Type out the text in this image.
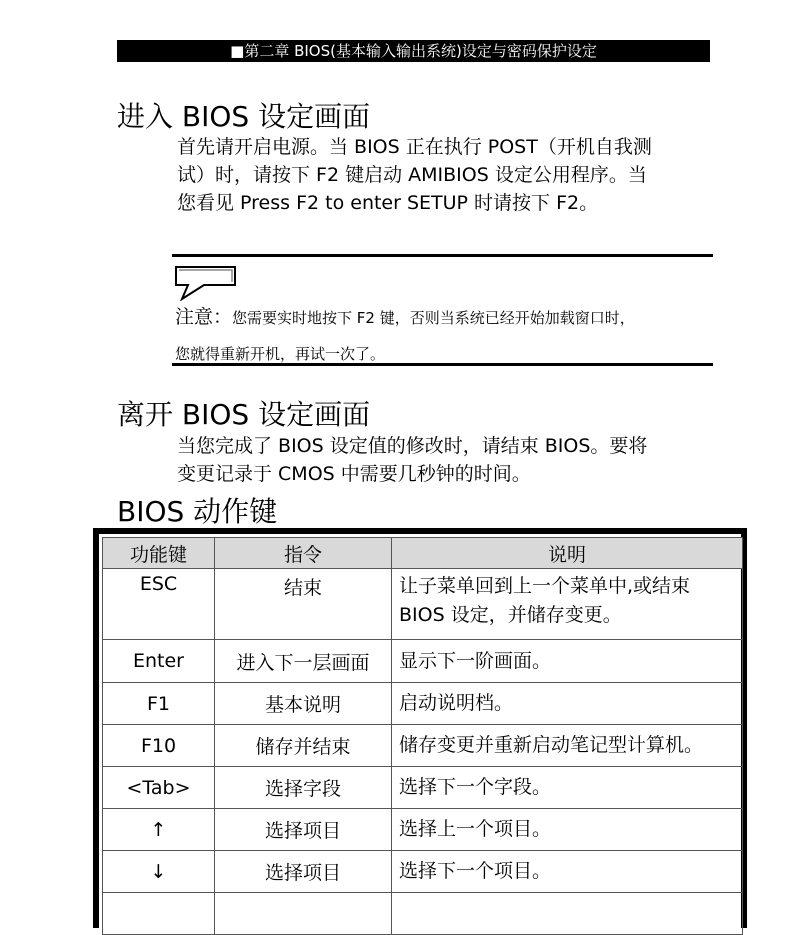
■第二章 BIOS(基本输入输出系统)设定与密码保护设定
进入 BIOS 设定画面
首先请开启电源。当 BIOS 正在执行 POST（开机自我测
试）时，请按下 F2 键启动 AMIBIOS 设定公用程序。当
您看见 Press F2 to enter SETUP 时请按下 F2。
注意：您需要实时地按下 F2 键，否则当系统已经开始加载窗口时，
您就得重新开机，再试一次了。
离开 BIOS 设定画面
当您完成了 BIOS 设定值的修改时，请结束 BIOS。要将
变更记录于 CMOS 中需要几秒钟的时间。
BIOS 动作键
功能键	指令	说明
ESC	结束	让子菜单回到上一个菜单中,或结束
BIOS 设定，并储存变更。

Enter	进入下一层画面	显示下一阶画面。
F1	基本说明	启动说明档。
F10	储存并结束	储存变更并重新启动笔记型计算机。
<Tab>	选择字段	选择下一个字段。
↑	选择项目	选择上一个项目。
↓	选择项目	选择下一个项目。
